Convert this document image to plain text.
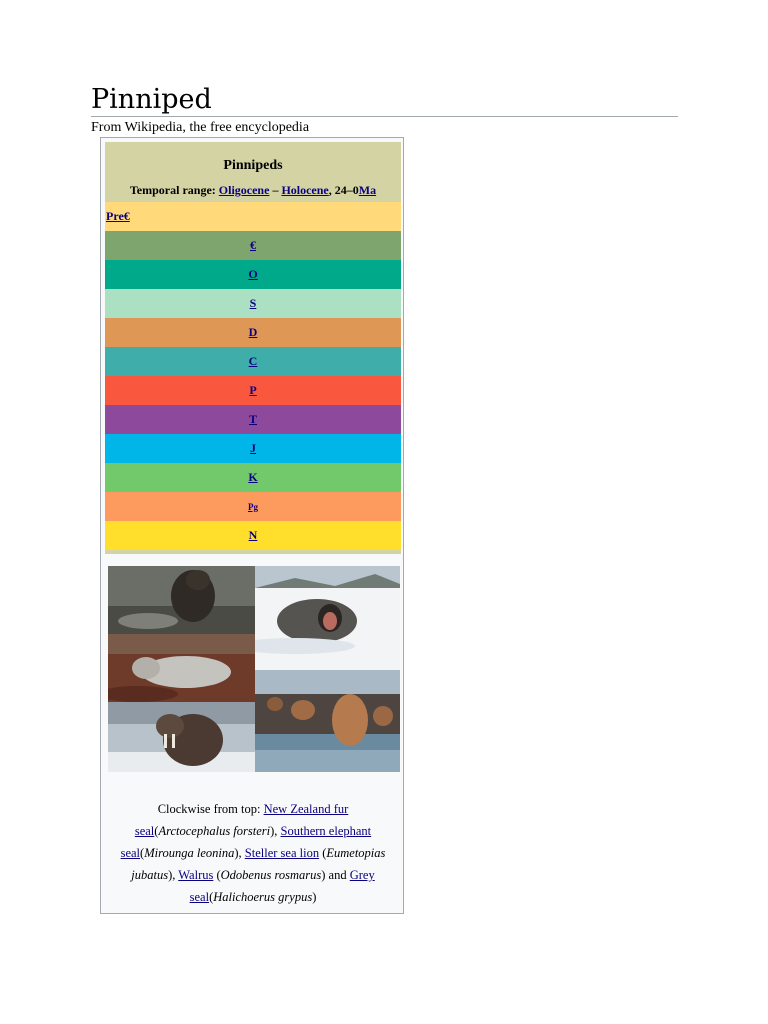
Pinniped
From Wikipedia, the free encyclopedia
Pinnipeds
Temporal range: Oligocene – Holocene, 24–0Ma
Pre€
€
O
S
D
C
P
T
J
K
Pg
N
Clockwise from top: New Zealand fur seal(Arctocephalus forsteri), Southern elephant seal(Mirounga leonina), Steller sea lion (Eumetopias jubatus), Walrus (Odobenus rosmarus) and Grey seal(Halichoerus grypus)
